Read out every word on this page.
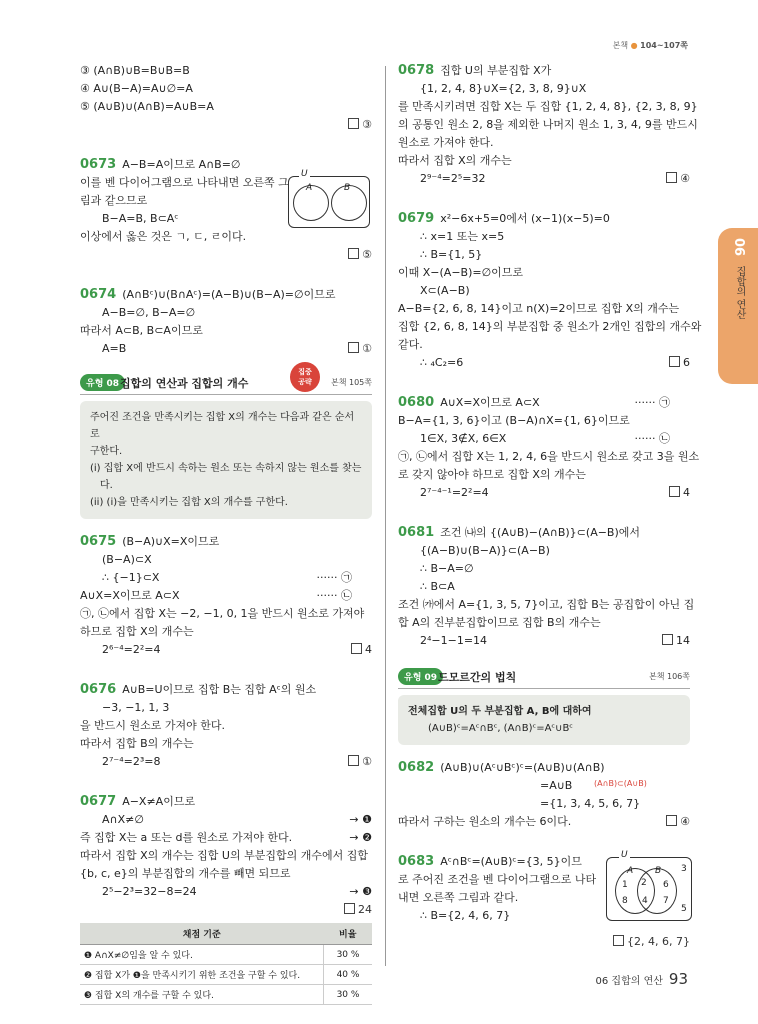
본책 ● 104~107쪽
06
집합의 연산
③ (A∩B)∪B=B∪B=B
④ A∪(B−A)=A∪∅=A
⑤ (A∪B)∪(A∩B)=A∪B=A
③
0673 A−B=A이므로 A∩B=∅
이를 벤 다이어그램으로 나타내면 오른쪽 그
림과 같으므로
B−A=B, B⊂Aᶜ
이상에서 옳은 것은 ㄱ, ㄷ, ㄹ이다.
U
A	B
⑤
0674 (A∩Bᶜ)∪(B∩Aᶜ)=(A−B)∪(B−A)=∅이므로
A−B=∅, B−A=∅
따라서 A⊂B, B⊂A이므로
A=B	①
유형 08 집합의 연산과 집합의 개수
집중
공략	본책 105쪽
주어진 조건을 만족시키는 집합 X의 개수는 다음과 같은 순서로
구한다.
(i) 집합 X에 반드시 속하는 원소 또는 속하지 않는 원소를 찾는
다.
(ii) (i)을 만족시키는 집합 X의 개수를 구한다.
0675 (B−A)∪X=X이므로
(B−A)⊂X
∴ {−1}⊂X	······ ㉠
A∪X=X이므로 A⊂X	······ ㉡
㉠, ㉡에서 집합 X는 −2, −1, 0, 1을 반드시 원소로 가져야
하므로 집합 X의 개수는
2⁶⁻⁴=2²=4	4
0676 A∪B=U이므로 집합 B는 집합 Aᶜ의 원소
−3, −1, 1, 3
을 반드시 원소로 가져야 한다.
따라서 집합 B의 개수는
2⁷⁻⁴=2³=8	①
0677 A−X≠A이므로
A∩X≠∅	→ ❶
즉 집합 X는 a 또는 d를 원소로 가져야 한다.	→ ❷
따라서 집합 X의 개수는 집합 U의 부분집합의 개수에서 집합
{b, c, e}의 부분집합의 개수를 빼면 되므로
2⁵−2³=32−8=24	→ ❸
24
채점 기준	비율
❶ A∩X≠∅임을 알 수 있다.	30 %
❷ 집합 X가 ❶을 만족시키기 위한 조건을 구할 수 있다.	40 %
❸ 집합 X의 개수를 구할 수 있다.	30 %
0678 집합 U의 부분집합 X가
{1, 2, 4, 8}∪X={2, 3, 8, 9}∪X
를 만족시키려면 집합 X는 두 집합 {1, 2, 4, 8}, {2, 3, 8, 9}
의 공통인 원소 2, 8을 제외한 나머지 원소 1, 3, 4, 9를 반드시
원소로 가져야 한다.
따라서 집합 X의 개수는
2⁹⁻⁴=2⁵=32	④
0679 x²−6x+5=0에서 (x−1)(x−5)=0
∴ x=1 또는 x=5
∴ B={1, 5}
이때 X−(A−B)=∅이므로
X⊂(A−B)
A−B={2, 6, 8, 14}이고 n(X)=2이므로 집합 X의 개수는
집합 {2, 6, 8, 14}의 부분집합 중 원소가 2개인 집합의 개수와
같다.
∴ ₄C₂=6	6
0680 A∪X=X이므로 A⊂X	······ ㉠
B−A={1, 3, 6}이고 (B−A)∩X={1, 6}이므로
1∈X, 3∉X, 6∈X	······ ㉡
㉠, ㉡에서 집합 X는 1, 2, 4, 6을 반드시 원소로 갖고 3을 원소
로 갖지 않아야 하므로 집합 X의 개수는
2⁷⁻⁴⁻¹=2²=4	4
0681 조건 ㈏의 {(A∪B)−(A∩B)}⊂(A−B)에서
{(A−B)∪(B−A)}⊂(A−B)
∴ B−A=∅
∴ B⊂A
조건 ㈎에서 A={1, 3, 5, 7}이고, 집합 B는 공집합이 아닌 집
합 A의 진부분집합이므로 집합 B의 개수는
2⁴−1−1=14	14
유형 09 드모르간의 법칙	본책 106쪽
전체집합 U의 두 부분집합 A, B에 대하여
(A∪B)ᶜ=Aᶜ∩Bᶜ, (A∩B)ᶜ=Aᶜ∪Bᶜ
0682 (A∪B)∪(Aᶜ∪Bᶜ)ᶜ=(A∪B)∪(A∩B)
=A∪B	(A∩B)⊂(A∪B)
={1, 3, 4, 5, 6, 7}
따라서 구하는 원소의 개수는 6이다.	④
0683 Aᶜ∩Bᶜ=(A∪B)ᶜ={3, 5}이므
로 주어진 조건을 벤 다이어그램으로 나타
내면 오른쪽 그림과 같다.
∴ B={2, 4, 6, 7}
U
A B
1 2 6
8 4 7
3
5
{2, 4, 6, 7}
06 집합의 연산 93
